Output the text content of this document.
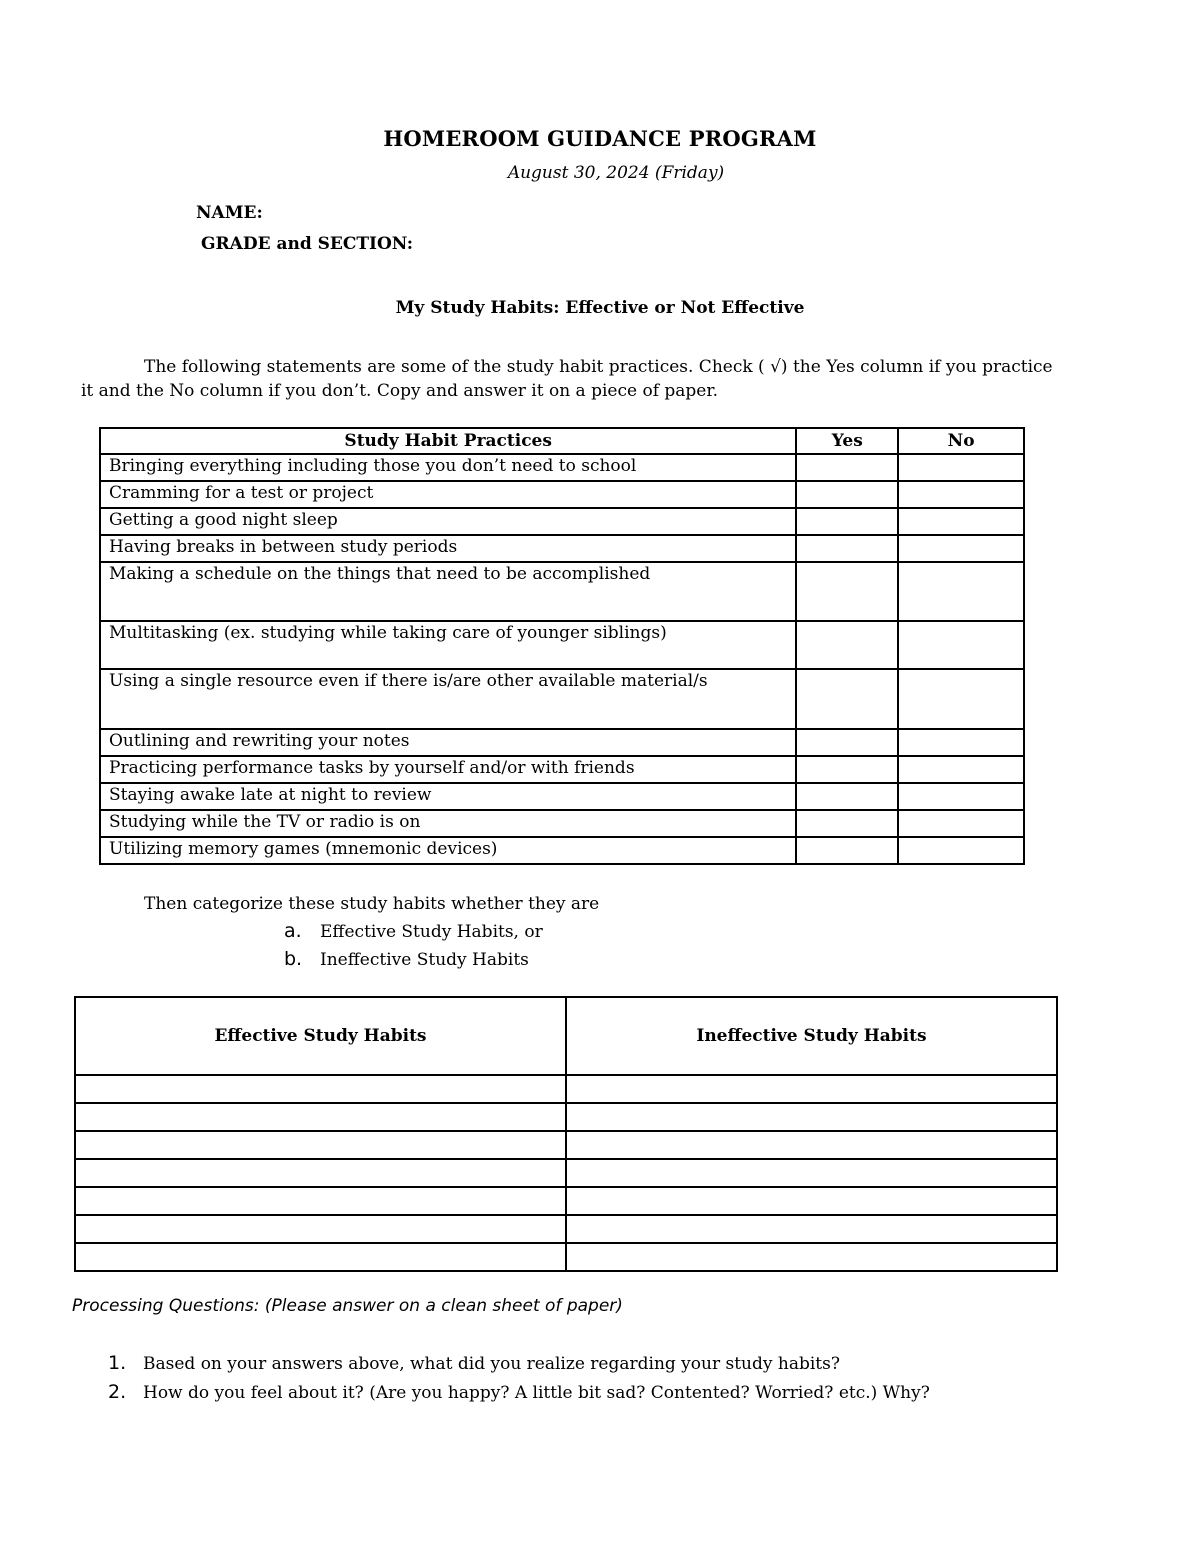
HOMEROOM GUIDANCE PROGRAM
August 30, 2024 (Friday)
NAME:
GRADE and SECTION:
My Study Habits: Effective or Not Effective
The following statements are some of the study habit practices. Check ( √) the Yes column if you practice
it and the No column if you don’t. Copy and answer it on a piece of paper.
Study Habit Practices	Yes	No
Bringing everything including those you don’t need to school		
Cramming for a test or project		
Getting a good night sleep		
Having breaks in between study periods		
Making a schedule on the things that need to be accomplished		
Multitasking (ex. studying while taking care of younger siblings)		
Using a single resource even if there is/are other available material/s		
Outlining and rewriting your notes		
Practicing performance tasks by yourself and/or with friends		
Staying awake late at night to review		
Studying while the TV or radio is on		
Utilizing memory games (mnemonic devices)		
Then categorize these study habits whether they are
a. Effective Study Habits, or
b. Ineffective Study Habits
Effective Study Habits	Ineffective Study Habits

Processing Questions: (Please answer on a clean sheet of paper)
1. Based on your answers above, what did you realize regarding your study habits?
2. How do you feel about it? (Are you happy? A little bit sad? Contented? Worried? etc.) Why?
